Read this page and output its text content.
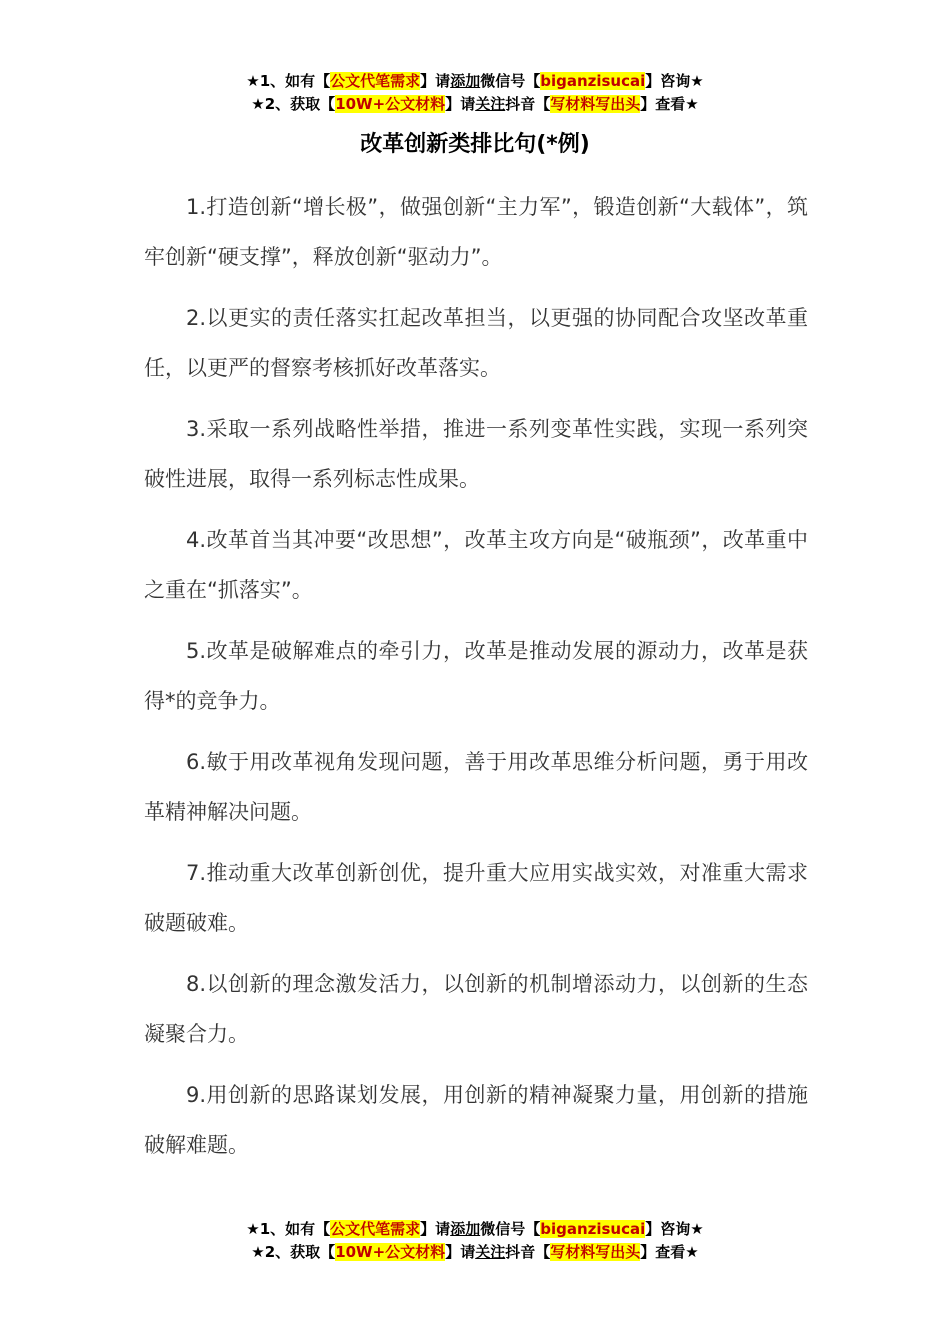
★1、如有【公文代笔需求】请添加微信号【biganzisucai】咨询★
★2、获取【10W+公文材料】请关注抖音【写材料写出头】查看★
改革创新类排比句(*例)

1.打造创新“增长极”，做强创新“主力军”，锻造创新“大载体”，筑牢创新“硬支撑”，释放创新“驱动力”。

2.以更实的责任落实扛起改革担当，以更强的协同配合攻坚改革重任，以更严的督察考核抓好改革落实。

3.采取一系列战略性举措，推进一系列变革性实践，实现一系列突破性进展，取得一系列标志性成果。

4.改革首当其冲要“改思想”，改革主攻方向是“破瓶颈”，改革重中之重在“抓落实”。

5.改革是破解难点的牵引力，改革是推动发展的源动力，改革是获得*的竞争力。

6.敏于用改革视角发现问题，善于用改革思维分析问题，勇于用改革精神解决问题。

7.推动重大改革创新创优，提升重大应用实战实效，对准重大需求破题破难。

8.以创新的理念激发活力，以创新的机制增添动力，以创新的生态凝聚合力。

9.用创新的思路谋划发展，用创新的精神凝聚力量，用创新的措施破解难题。

★1、如有【公文代笔需求】请添加微信号【biganzisucai】咨询★
★2、获取【10W+公文材料】请关注抖音【写材料写出头】查看★
